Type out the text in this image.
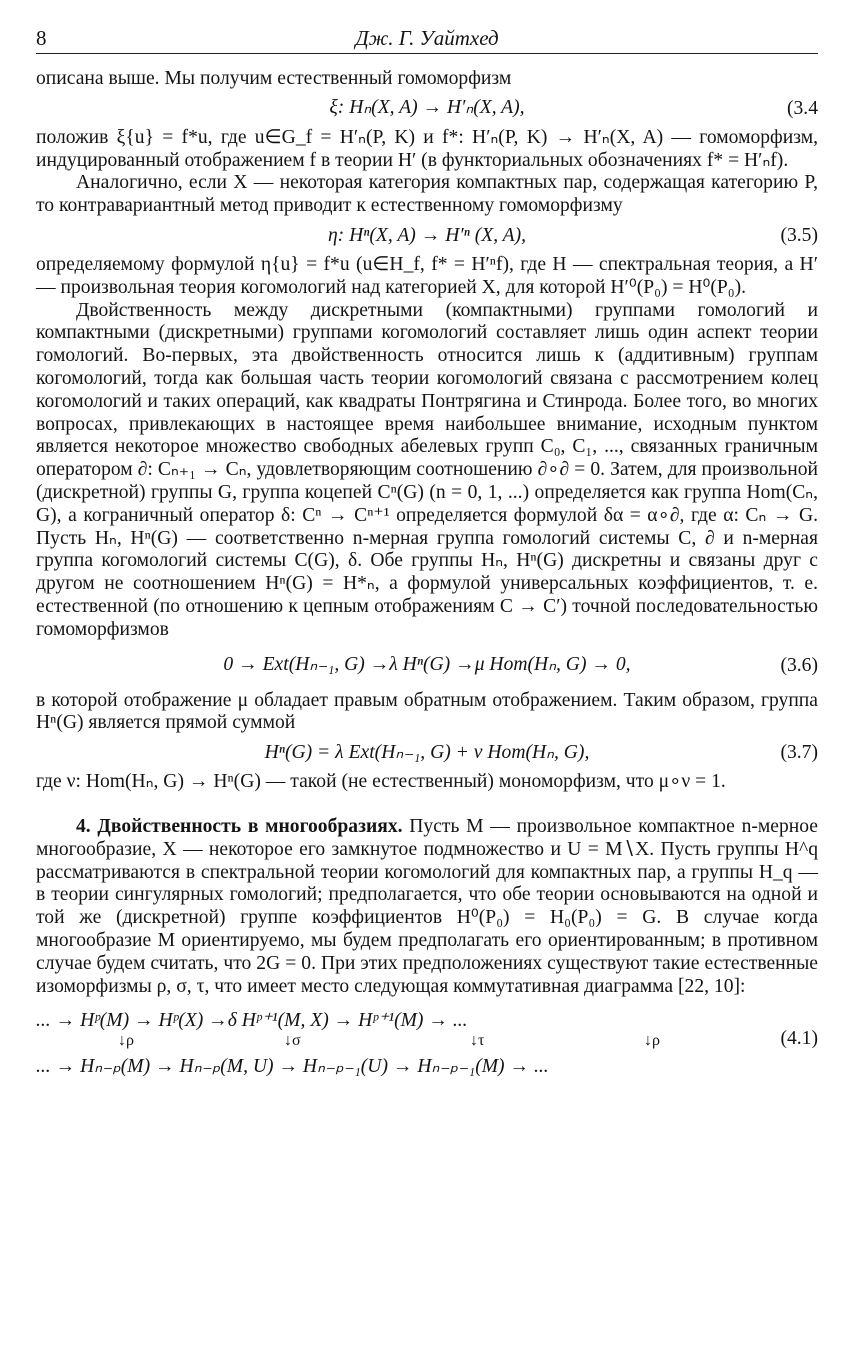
8	Дж. Г. Уайтхед

описана выше. Мы получим естественный гомоморфизм

ξ: Hₙ(X, A) → H′ₙ(X, A),	(3.4

положив ξ{u} = f*u, где u∈G_f = H′ₙ(P, K) и f*: H′ₙ(P, K) → H′ₙ(X, A) — гомоморфизм, индуцированный отображением f в теории H′ (в функториальных обозначениях f* = H′ₙf).

Аналогично, если X — некоторая категория компактных пар, содержащая категорию P, то контравариантный метод приводит к естественному гомоморфизму

η: Hⁿ(X, A) → H′ⁿ (X, A),	(3.5)

определяемому формулой η{u} = f*u (u∈H_f, f* = H′ⁿf), где H — спектральная теория, а H′ — произвольная теория когомологий над категорией X, для которой H′⁰(P₀) = H⁰(P₀).

Двойственность между дискретными (компактными) группами гомологий и компактными (дискретными) группами когомологий составляет лишь один аспект теории гомологий. Во-первых, эта двойственность относится лишь к (аддитивным) группам когомологий, тогда как большая часть теории когомологий связана с рассмотрением колец когомологий и таких операций, как квадраты Понтрягина и Стинрода. Более того, во многих вопросах, привлекающих в настоящее время наибольшее внимание, исходным пунктом является некоторое множество свободных абелевых групп C₀, C₁, ..., связанных граничным оператором ∂: Cₙ₊₁ → Cₙ, удовлетворяющим соотношению ∂∘∂ = 0. Затем, для произвольной (дискретной) группы G, группа коцепей Cⁿ(G) (n = 0, 1, ...) определяется как группа Hom(Cₙ, G), а кограничный оператор δ: Cⁿ → Cⁿ⁺¹ определяется формулой δα = α∘∂, где α: Cₙ → G. Пусть Hₙ, Hⁿ(G) — соответственно n-мерная группа гомологий системы C, ∂ и n-мерная группа когомологий системы C(G), δ. Обе группы Hₙ, Hⁿ(G) дискретны и связаны друг с другом не соотношением Hⁿ(G) = H*ₙ, а формулой универсальных коэффициентов, т. е. естественной (по отношению к цепным отображениям C → C′) точной последовательностью гомоморфизмов

0 → Ext(Hₙ₋₁, G) →λ Hⁿ(G) →μ Hom(Hₙ, G) → 0,	(3.6)

в которой отображение μ обладает правым обратным отображением. Таким образом, группа Hⁿ(G) является прямой суммой

Hⁿ(G) = λ Ext(Hₙ₋₁, G) + ν Hom(Hₙ, G),	(3.7)

где ν: Hom(Hₙ, G) → Hⁿ(G) — такой (не естественный) мономорфизм, что μ∘ν = 1.

4. Двойственность в многообразиях. Пусть M — произвольное компактное n-мерное многообразие, X — некоторое его замкнутое подмножество и U = M∖X. Пусть группы H^q рассматриваются в спектральной теории когомологий для компактных пар, а группы H_q — в теории сингулярных гомологий; предполагается, что обе теории основываются на одной и той же (дискретной) группе коэффициентов H⁰(P₀) = H₀(P₀) = G. В случае когда многообразие M ориентируемо, мы будем предполагать его ориентированным; в противном случае будем считать, что 2G = 0. При этих предположениях существуют такие естественные изоморфизмы ρ, σ, τ, что имеет место следующая коммутативная диаграмма [22, 10]:

... → Hᵖ(M) → Hᵖ(X) →δ Hᵖ⁺¹(M, X) → Hᵖ⁺¹(M) → ...
↓ρ	↓σ	↓τ	↓ρ
... → Hₙ₋ₚ(M) → Hₙ₋ₚ(M, U) → Hₙ₋ₚ₋₁(U) → Hₙ₋ₚ₋₁(M) → ...
(4.1)
